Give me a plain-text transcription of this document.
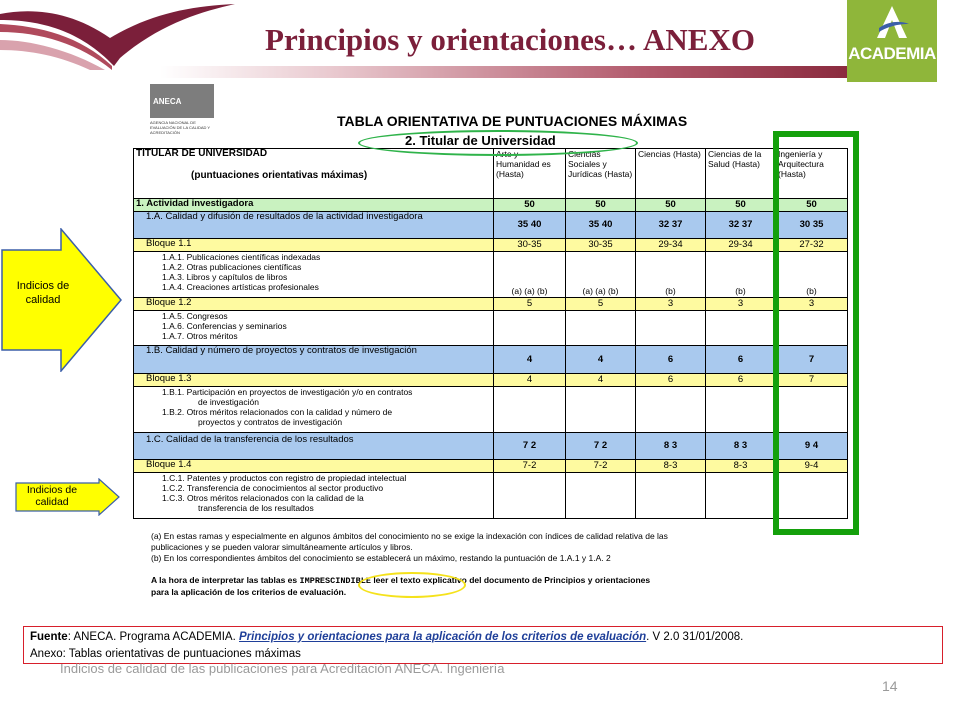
Principios y orientaciones… ANEXO	ACADEMIA
ANECA
AGENCIA NACIONAL DE EVALUACIÓN DE LA CALIDAD Y ACREDITACIÓN
TABLA ORIENTATIVA DE PUNTUACIONES MÁXIMAS
2. Titular de Universidad
TITULAR DE UNIVERSIDAD
(puntuaciones orientativas máximas)	Arte y Humanidad es (Hasta)	Ciencias Sociales y Jurídicas (Hasta)	Ciencias (Hasta)	Ciencias de la Salud (Hasta)	Ingeniería y Arquitectura (Hasta)
1. Actividad investigadora	50	50	50	50	50
1.A. Calidad y difusión de resultados de la actividad investigadora	35 40	35 40	32 37	32 37	30 35
Bloque 1.1	30-35	30-35	29-34	29-34	27-32

1.A.1. Publicaciones científicas indexadas
1.A.2. Otras publicaciones científicas
1.A.3. Libros y capítulos de libros
1.A.4. Creaciones artísticas profesionales	(a) (a) (b)	(a) (a) (b)	(b)	(b)	(b)
Bloque 1.2	5	5	3	3	3

1.A.5. Congresos
1.A.6. Conferencias y seminarios
1.A.7. Otros méritos					

1.B. Calidad y número de proyectos y contratos de investigación	4	4	6	6	7
Bloque 1.3	4	4	6	6	7

1.B.1. Participación en proyectos de investigación y/o en contratos
de investigación
1.B.2. Otros méritos relacionados con la calidad y número de
proyectos y contratos de investigación					

1.C. Calidad de la transferencia de los resultados	7 2	7 2	8 3	8 3	9 4
Bloque 1.4	7-2	7-2	8-3	8-3	9-4

1.C.1. Patentes y productos con registro de propiedad intelectual
1.C.2. Transferencia de conocimientos al sector productivo
1.C.3. Otros méritos relacionados con la calidad de la
transferencia de los resultados					

(a) En estas ramas y especialmente en algunos ámbitos del conocimiento no se exige la indexación con índices de calidad relativa de las
publicaciones y se pueden valorar simultáneamente artículos y libros.
(b) En los correspondientes ámbitos del conocimiento se establecerá un máximo, restando la puntuación de 1.A.1 y 1.A. 2
A la hora de interpretar las tablas es IMPRESCINDIBLE leer el texto explicativo del documento de Principios y orientaciones
para la aplicación de los criterios de evaluación.
Indicios de calidad
Indicios de calidad
Fuente: ANECA. Programa ACADEMIA. Principios y orientaciones para la aplicación de los criterios de evaluación. V 2.0 31/01/2008.
Anexo: Tablas orientativas de puntuaciones máximas
Indicios de calidad de las publicaciones para Acreditación ANECA. Ingeniería
14
